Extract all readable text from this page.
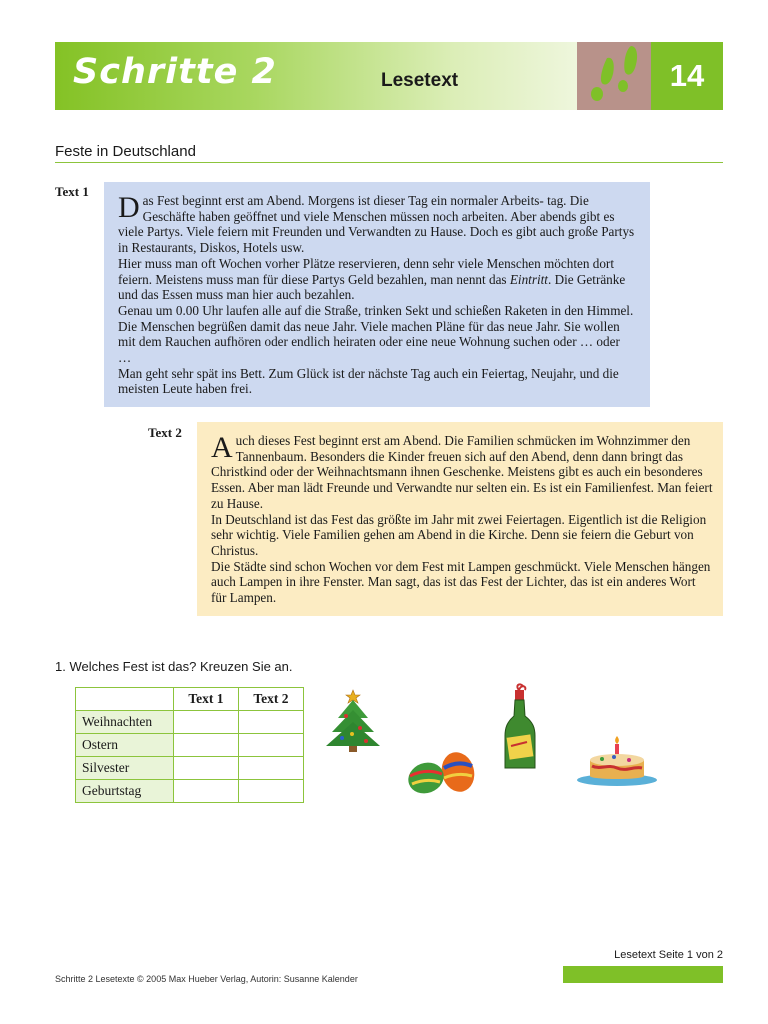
Schritte 2	Lesetext	14
Feste in Deutschland
Text 1 Das Fest beginnt erst am Abend. Morgens ist dieser Tag ein normaler Arbeits- tag. Die Geschäfte haben geöffnet und viele Menschen müssen noch arbeiten. Aber abends gibt es viele Partys. Viele feiern mit Freunden und Verwandten zu Hause. Doch es gibt auch große Partys in Restaurants, Diskos, Hotels usw.

Hier muss man oft Wochen vorher Plätze reservieren, denn sehr viele Menschen möchten dort feiern. Meistens muss man für diese Partys Geld bezahlen, man nennt das Eintritt. Die Getränke und das Essen muss man hier auch bezahlen.

Genau um 0.00 Uhr laufen alle auf die Straße, trinken Sekt und schießen Raketen in den Himmel. Die Menschen begrüßen damit das neue Jahr. Viele machen Pläne für das neue Jahr. Sie wollen mit dem Rauchen aufhören oder endlich heiraten oder eine neue Wohnung suchen oder … oder …

Man geht sehr spät ins Bett. Zum Glück ist der nächste Tag auch ein Feiertag, Neujahr, und die meisten Leute haben frei.

Text 2 Auch dieses Fest beginnt erst am Abend. Die Familien schmücken im Wohnzimmer den Tannenbaum. Besonders die Kinder freuen sich auf den Abend, denn dann bringt das Christkind oder der Weihnachtsmann ihnen Geschenke. Meistens gibt es auch ein besonderes Essen. Aber man lädt Freunde und Verwandte nur selten ein. Es ist ein Familienfest. Man feiert zu Hause.

In Deutschland ist das Fest das größte im Jahr mit zwei Feiertagen. Eigentlich ist die Religion sehr wichtig. Viele Familien gehen am Abend in die Kirche. Denn sie feiern die Geburt von Christus.

Die Städte sind schon Wochen vor dem Fest mit Lampen geschmückt. Viele Menschen hängen auch Lampen in ihre Fenster. Man sagt, das ist das Fest der Lichter, das ist ein anderes Wort für Lampen.

1. Welches Fest ist das? Kreuzen Sie an.
	Text 1	Text 2
Weihnachten		
Ostern		
Silvester		
Geburtstag		
Lesetext Seite 1 von 2
Schritte 2 Lesetexte © 2005 Max Hueber Verlag, Autorin: Susanne Kalender
